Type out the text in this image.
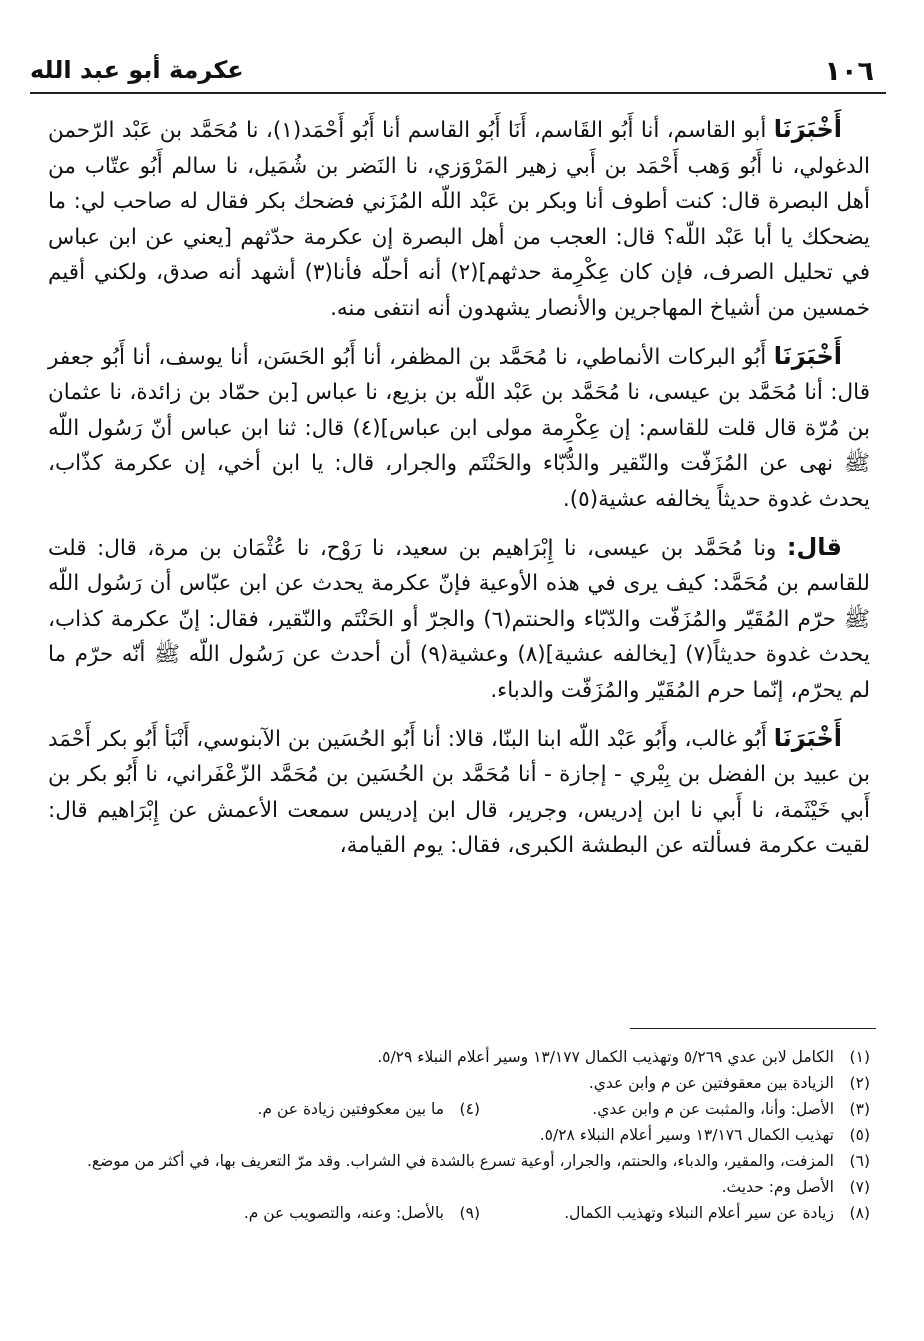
١٠٦
عكرمة أبو عبد الله

أَخْبَرَنَا أبو القاسم، أنا أَبُو القَاسم، أَنَا أَبُو القاسم أنا أَبُو أَحْمَد(١)، نا مُحَمَّد بن عَبْد الرّحمن الدغولي، نا أَبُو وَهب أَحْمَد بن أَبي زهير المَرْوَزي، نا النَضر بن شُمَيل، نا سالم أَبُو عتّاب من أهل البصرة قال: كنت أطوف أنا وبكر بن عَبْد اللّه المُزَني فضحك بكر فقال له صاحب لي: ما يضحكك يا أبا عَبْد اللّه؟ قال: العجب من أهل البصرة إن عكرمة حدّثهم [يعني عن ابن عباس في تحليل الصرف، فإن كان عِكْرِمة حدثهم](٢) أنه أحلّه فأنا(٣) أشهد أنه صدق، ولكني أقيم خمسين من أشياخ المهاجرين والأنصار يشهدون أنه انتفى منه.

أَخْبَرَنَا أَبُو البركات الأنماطي، نا مُحَمَّد بن المظفر، أنا أَبُو الحَسَن، أنا يوسف، أنا أَبُو جعفر قال: أنا مُحَمَّد بن عيسى، نا مُحَمَّد بن عَبْد اللّه بن بزيع، نا عباس [بن حمّاد بن زائدة، نا عثمان بن مُرّة قال قلت للقاسم: إن عِكْرِمة مولى ابن عباس](٤) قال: ثنا ابن عباس أنّ رَسُول اللّه ﷺ نهى عن المُزَفّت والنّقير والدُّبّاء والحَنْتَم والجرار، قال: يا ابن أخي، إن عكرمة كذّاب، يحدث غدوة حديثاً يخالفه عشية(٥).

قال: ونا مُحَمَّد بن عيسى، نا إِبْرَاهيم بن سعيد، نا رَوْح، نا عُثْمَان بن مرة، قال: قلت للقاسم بن مُحَمَّد: كيف يرى في هذه الأوعية فإنّ عكرمة يحدث عن ابن عبّاس أن رَسُول اللّه ﷺ حرّم المُقَيّر والمُزَفّت والدّبّاء والحنتم(٦) والجرّ أو الحَنْتَم والنّقير، فقال: إنّ عكرمة كذاب، يحدث غدوة حديثاً(٧) [يخالفه عشية](٨) وعشية(٩) أن أحدث عن رَسُول اللّه ﷺ أنّه حرّم ما لم يحرّم، إنّما حرم المُقَيّر والمُزَفّت والدباء.

أَخْبَرَنَا أَبُو غالب، وأَبُو عَبْد اللّه ابنا البنّا، قالا: أنا أَبُو الحُسَين بن الآبنوسي، أَنْبَأ أَبُو بكر أَحْمَد بن عبيد بن الفضل بن بِيْري - إجازة - أنا مُحَمَّد بن الحُسَين بن مُحَمَّد الزّعْفَراني، نا أَبُو بكر بن أَبي خَيْثَمة، نا أَبي نا ابن إدريس، وجرير، قال ابن إدريس سمعت الأعمش عن إِبْرَاهيم قال: لقيت عكرمة فسألته عن البطشة الكبرى، فقال: يوم القيامة،

(١)
الكامل لابن عدي ٥/٢٦٩ وتهذيب الكمال ١٣/١٧٧ وسير أعلام النبلاء ٥/٢٩.
(٢)
الزيادة بين معقوفتين عن م وابن عدي.
(٣)
الأصل: وأنا، والمثبت عن م وابن عدي.
(٤)
ما بين معكوفتين زيادة عن م.
(٥)
تهذيب الكمال ١٣/١٧٦ وسير أعلام النبلاء ٥/٢٨.
(٦)
المزفت، والمقير، والدباء، والحنتم، والجرار، أوعية تسرع بالشدة في الشراب. وقد مرّ التعريف بها، في أكثر من موضع.
(٧)
الأصل وم: حديث.
(٨)
زيادة عن سير أعلام النبلاء وتهذيب الكمال.
(٩)
بالأصل: وعنه، والتصويب عن م.
